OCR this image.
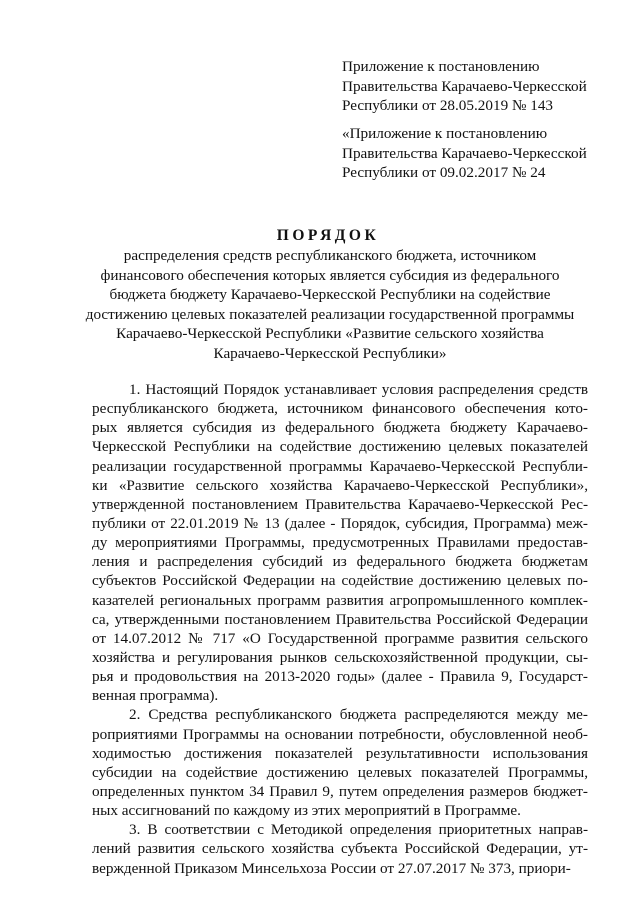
Приложение к постановлению
Правительства Карачаево-Черкесской
Республики от 28.05.2019 № 143
«Приложение к постановлению
Правительства Карачаево-Черкесской
Республики от 09.02.2017 № 24
ПОРЯДОК
распределения средств республиканского бюджета, источником
финансового обеспечения которых является субсидия из федерального
бюджета бюджету Карачаево-Черкесской Республики на содействие
достижению целевых показателей реализации государственной программы
Карачаево-Черкесской Республики «Развитие сельского хозяйства
Карачаево-Черкесской Республики»
1. Настоящий Порядок устанавливает условия распределения средств
республиканского бюджета, источником финансового обеспечения кото-
рых является субсидия из федерального бюджета бюджету Карачаево-
Черкесской Республики на содействие достижению целевых показателей
реализации государственной программы Карачаево-Черкесской Республи-
ки «Развитие сельского хозяйства Карачаево-Черкесской Республики»,
утвержденной постановлением Правительства Карачаево-Черкесской Рес-
публики от 22.01.2019 № 13 (далее - Порядок, субсидия, Программа) меж-
ду мероприятиями Программы, предусмотренных Правилами предостав-
ления и распределения субсидий из федерального бюджета бюджетам
субъектов Российской Федерации на содействие достижению целевых по-
казателей региональных программ развития агропромышленного комплек-
са, утвержденными постановлением Правительства Российской Федерации
от 14.07.2012 № 717 «О Государственной программе развития сельского
хозяйства и регулирования рынков сельскохозяйственной продукции, сы-
рья и продовольствия на 2013-2020 годы» (далее - Правила 9, Государст-
венная программа).
2. Средства республиканского бюджета распределяются между ме-
роприятиями Программы на основании потребности, обусловленной необ-
ходимостью достижения показателей результативности использования
субсидии на содействие достижению целевых показателей Программы,
определенных пунктом 34 Правил 9, путем определения размеров бюджет-
ных ассигнований по каждому из этих мероприятий в Программе.
3. В соответствии с Методикой определения приоритетных направ-
лений развития сельского хозяйства субъекта Российской Федерации, ут-
вержденной Приказом Минсельхоза России от 27.07.2017 № 373, приори-
